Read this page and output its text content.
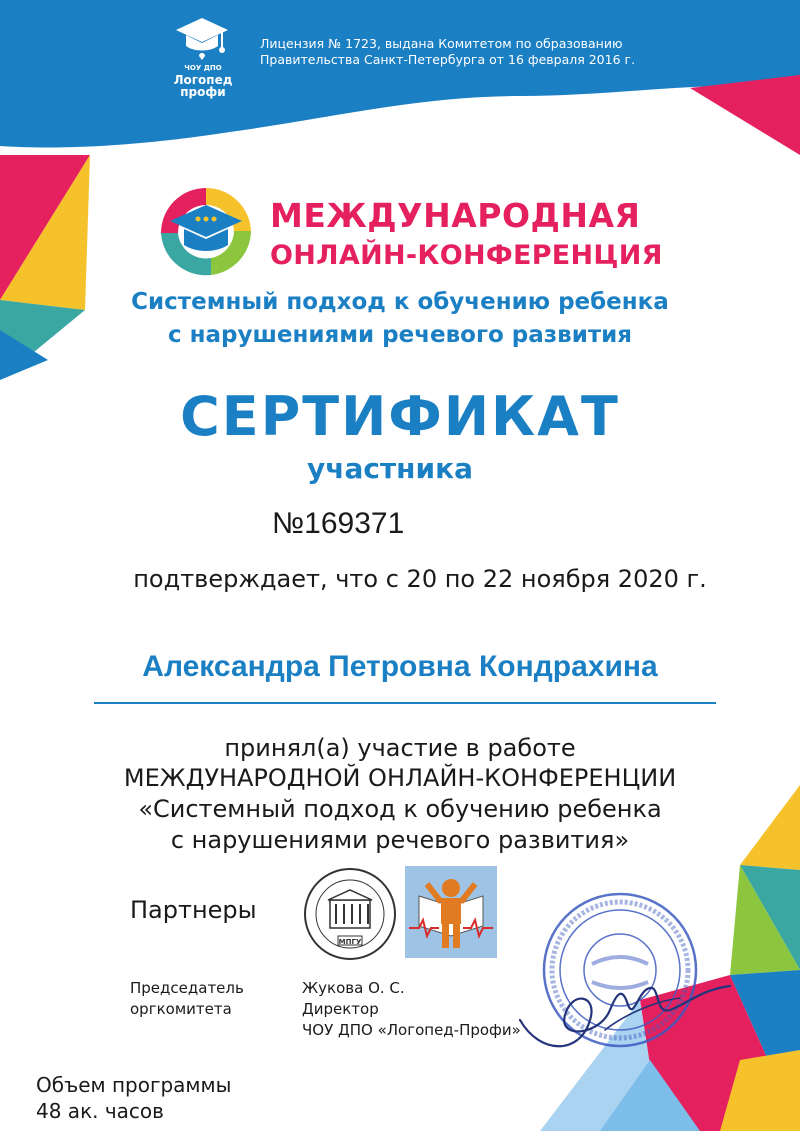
ЧОУ ДПО
Логопед
профи
Лицензия № 1723, выдана Комитетом по образованию
Правительства Санкт-Петербурга от 16 февраля 2016 г.
МЕЖДУНАРОДНАЯ
ОНЛАЙН-КОНФЕРЕНЦИЯ
Системный подход к обучению ребенка
с нарушениями речевого развития
СЕРТИФИКАТ
участника
№169371
подтверждает, что с 20 по 22 ноября 2020 г.
Александра Петровна Кондрахина
принял(а) участие в работе
МЕЖДУНАРОДНОЙ ОНЛАЙН-КОНФЕРЕНЦИИ
«Системный подход к обучению ребенка
с нарушениями речевого развития»
Партнеры
МПГУ
Председатель
оргкомитета
Жукова О. С.
Директор
ЧОУ ДПО «Логопед-Профи»
Объем программы
48 ак. часов
